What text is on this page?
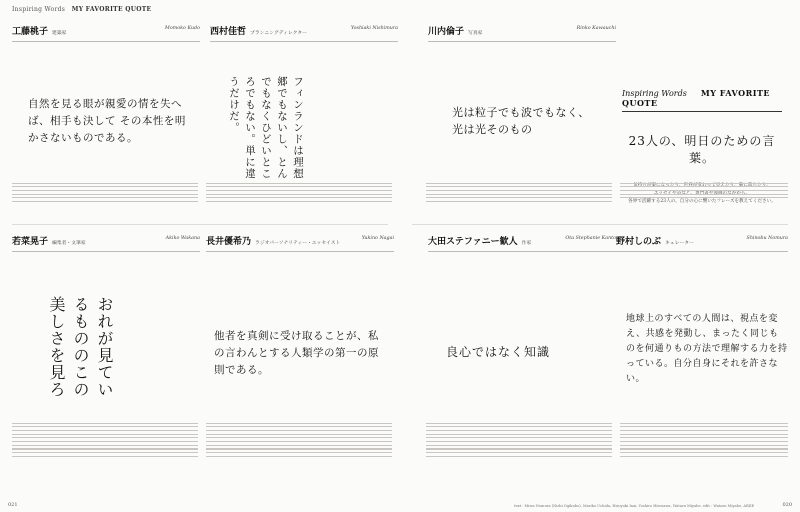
Inspiring Words MY FAVORITE QUOTE
工藤桃子 建築家
Momoko Kudo
自然を見る眼が親愛の情を失へば、相手も決して その本性を明かさないものである。
西村佳哲 プランニングディレクター
Yoshiaki Nishimura
フィンランドは理想郷でもないし、とんでもなくひどいところでもない。単に違うだけだ。
川内倫子 写真家
Rinko Kawauchi
光は粒子でも波でもなく、光は光そのもの
Inspiring Words MY FAVORITE QUOTE
23人の、明日のための言葉。
各界で活躍する23人の、自分の心に響いたフレーズを教えてください。
若菜晃子 編集者・文筆家
Akiko Wakana
おれが見ているもののこの美しさを見ろ
長井優希乃 ラジオパーソナリティー・エッセイスト
Yukino Nagai
他者を真剣に受け取ることが、私の言わんとする人類学の第一の原則である。
大田ステファニー歓人 作家
Ota Stephanie Kanto
良心ではなく知識
野村しのぶ キュレーター
Shinobu Nomura
地球上のすべての人間は、視点を変え、共感を発動し、まったく同じものを何通りもの方法で理解する力を持っている。自分自身にそれを許さない。
021	text : Miwa Nomura (Nishi Ogikubo), Mariko Uchida, Hiroyuki Inai, Yoshiro Hirosawa, Wataru Miyabe, edit : Wataru Miyabe, ARIIE	020
